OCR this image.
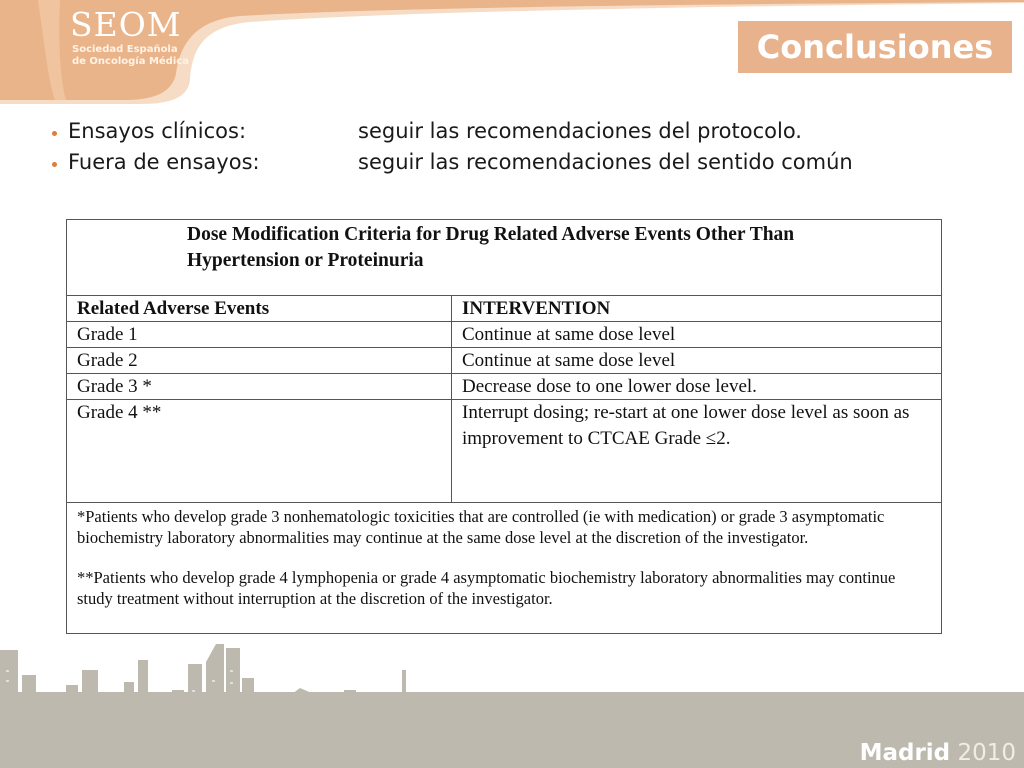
SEOM
Sociedad Española
de Oncología Médica	Conclusiones
Ensayos clínicos:	seguir las recomendaciones del protocolo.
Fuera de ensayos:	seguir las recomendaciones del sentido común
Dose Modification Criteria for Drug Related Adverse Events Other Than
Hypertension or Proteinuria	

Related Adverse Events	INTERVENTION
Grade 1	Continue at same dose level
Grade 2	Continue at same dose level
Grade 3 *	Decrease dose to one lower dose level.
Grade 4 **	Interrupt dosing; re-start at one lower dose level as soon as improvement to CTCAE Grade ≤2.

*Patients who develop grade 3 nonhematologic toxicities that are controlled (ie with medication) or grade 3 asymptomatic biochemistry laboratory abnormalities may continue at the same dose level at the discretion of the investigator.

**Patients who develop grade 4 lymphopenia or grade 4 asymptomatic biochemistry laboratory abnormalities may continue study treatment without interruption at the discretion of the investigator.	

Madrid 2010
